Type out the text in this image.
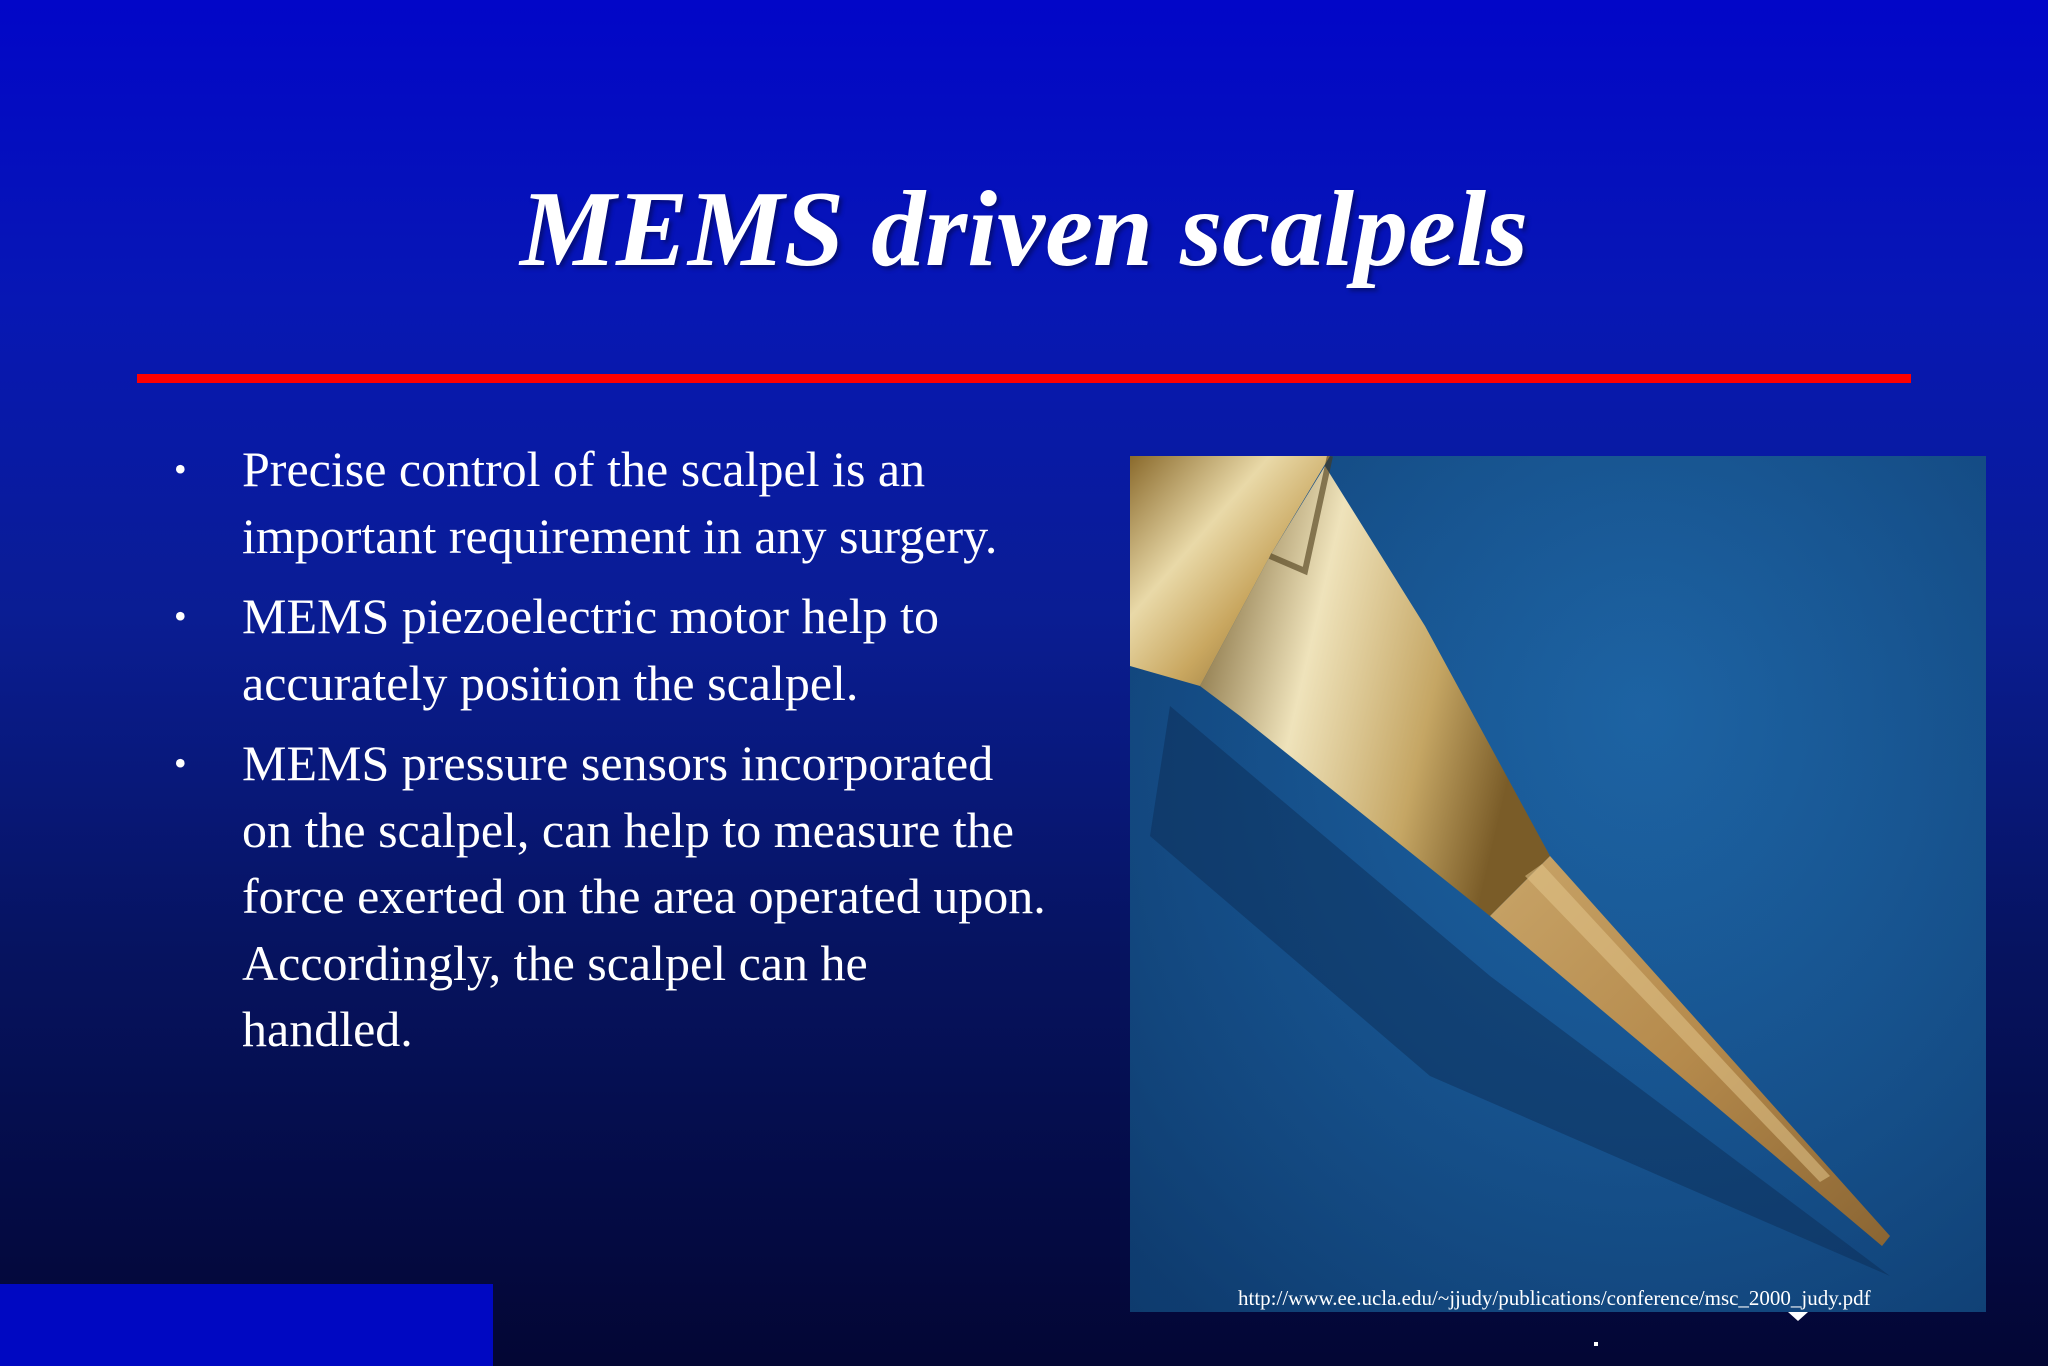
MEMS driven scalpels
• Precise control of the scalpel is an important requirement in any surgery.
• MEMS piezoelectric motor help to accurately position the scalpel.
• MEMS pressure sensors incorporated on the scalpel, can help to measure the force exerted on the area operated upon. Accordingly, the scalpel can he handled.
http://www.ee.ucla.edu/~jjudy/publications/conference/msc_2000_judy.pdf
